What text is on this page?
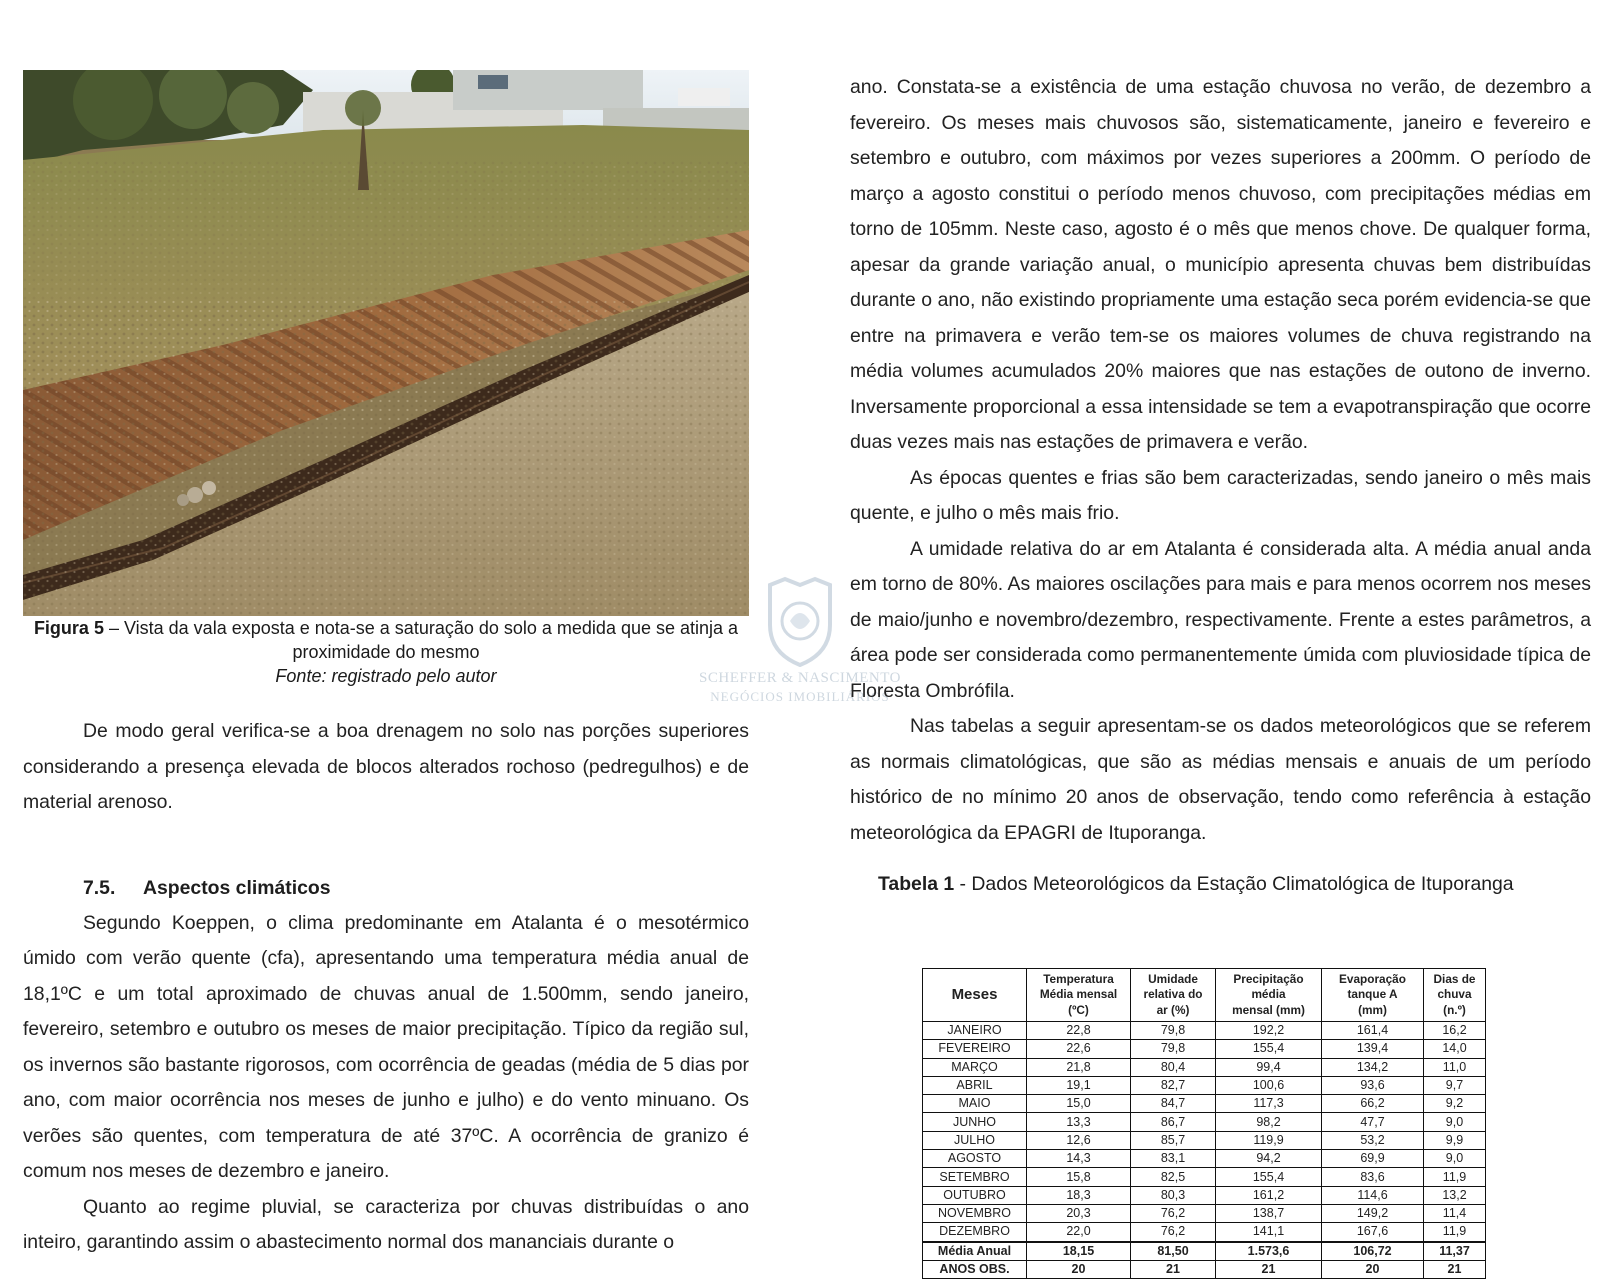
Figura 5 – Vista da vala exposta e nota-se a saturação do solo a medida que se atinja a proximidade do mesmo
Fonte: registrado pelo autor

De modo geral verifica-se a boa drenagem no solo nas porções superiores considerando a presença elevada de blocos alterados rochoso (pedregulhos) e de material arenoso.

7.5. Aspectos climáticos

Segundo Koeppen, o clima predominante em Atalanta é o mesotérmico úmido com verão quente (cfa), apresentando uma temperatura média anual de 18,1ºC e um total aproximado de chuvas anual de 1.500mm, sendo janeiro, fevereiro, setembro e outubro os meses de maior precipitação. Típico da região sul, os invernos são bastante rigorosos, com ocorrência de geadas (média de 5 dias por ano, com maior ocorrência nos meses de junho e julho) e do vento minuano. Os verões são quentes, com temperatura de até 37ºC. A ocorrência de granizo é comum nos meses de dezembro e janeiro.

Quanto ao regime pluvial, se caracteriza por chuvas distribuídas o ano inteiro, garantindo assim o abastecimento normal dos mananciais durante o

SCHEFFER & NASCIMENTO
NEGÓCIOS IMOBILIÁRIOS

ano. Constata-se a existência de uma estação chuvosa no verão, de dezembro a fevereiro. Os meses mais chuvosos são, sistematicamente, janeiro e fevereiro e setembro e outubro, com máximos por vezes superiores a 200mm. O período de março a agosto constitui o período menos chuvoso, com precipitações médias em torno de 105mm. Neste caso, agosto é o mês que menos chove. De qualquer forma, apesar da grande variação anual, o município apresenta chuvas bem distribuídas durante o ano, não existindo propriamente uma estação seca porém evidencia-se que entre na primavera e verão tem-se os maiores volumes de chuva registrando na média volumes acumulados 20% maiores que nas estações de outono de inverno. Inversamente proporcional a essa intensidade se tem a evapotranspiração que ocorre duas vezes mais nas estações de primavera e verão.

As épocas quentes e frias são bem caracterizadas, sendo janeiro o mês mais quente, e julho o mês mais frio.

A umidade relativa do ar em Atalanta é considerada alta. A média anual anda em torno de 80%. As maiores oscilações para mais e para menos ocorrem nos meses de maio/junho e novembro/dezembro, respectivamente. Frente a estes parâmetros, a área pode ser considerada como permanentemente úmida com pluviosidade típica de Floresta Ombrófila.

Nas tabelas a seguir apresentam-se os dados meteorológicos que se referem as normais climatológicas, que são as médias mensais e anuais de um período histórico de no mínimo 20 anos de observação, tendo como referência à estação meteorológica da EPAGRI de Ituporanga.

Tabela 1 - Dados Meteorológicos da Estação Climatológica de Ituporanga

Meses	Temperatura
Média mensal
(ºC)	Umidade
relativa do
ar (%)	Precipitação
média
mensal (mm)	Evaporação
tanque A
(mm)	Dias de
chuva
(n.º)
JANEIRO	22,8	79,8	192,2	161,4	16,2
FEVEREIRO	22,6	79,8	155,4	139,4	14,0
MARÇO	21,8	80,4	99,4	134,2	11,0
ABRIL	19,1	82,7	100,6	93,6	9,7
MAIO	15,0	84,7	117,3	66,2	9,2
JUNHO	13,3	86,7	98,2	47,7	9,0
JULHO	12,6	85,7	119,9	53,2	9,9
AGOSTO	14,3	83,1	94,2	69,9	9,0
SETEMBRO	15,8	82,5	155,4	83,6	11,9
OUTUBRO	18,3	80,3	161,2	114,6	13,2
NOVEMBRO	20,3	76,2	138,7	149,2	11,4
DEZEMBRO	22,0	76,2	141,1	167,6	11,9
Média Anual	18,15	81,50	1.573,6	106,72	11,37
ANOS OBS.	20	21	21	20	21
